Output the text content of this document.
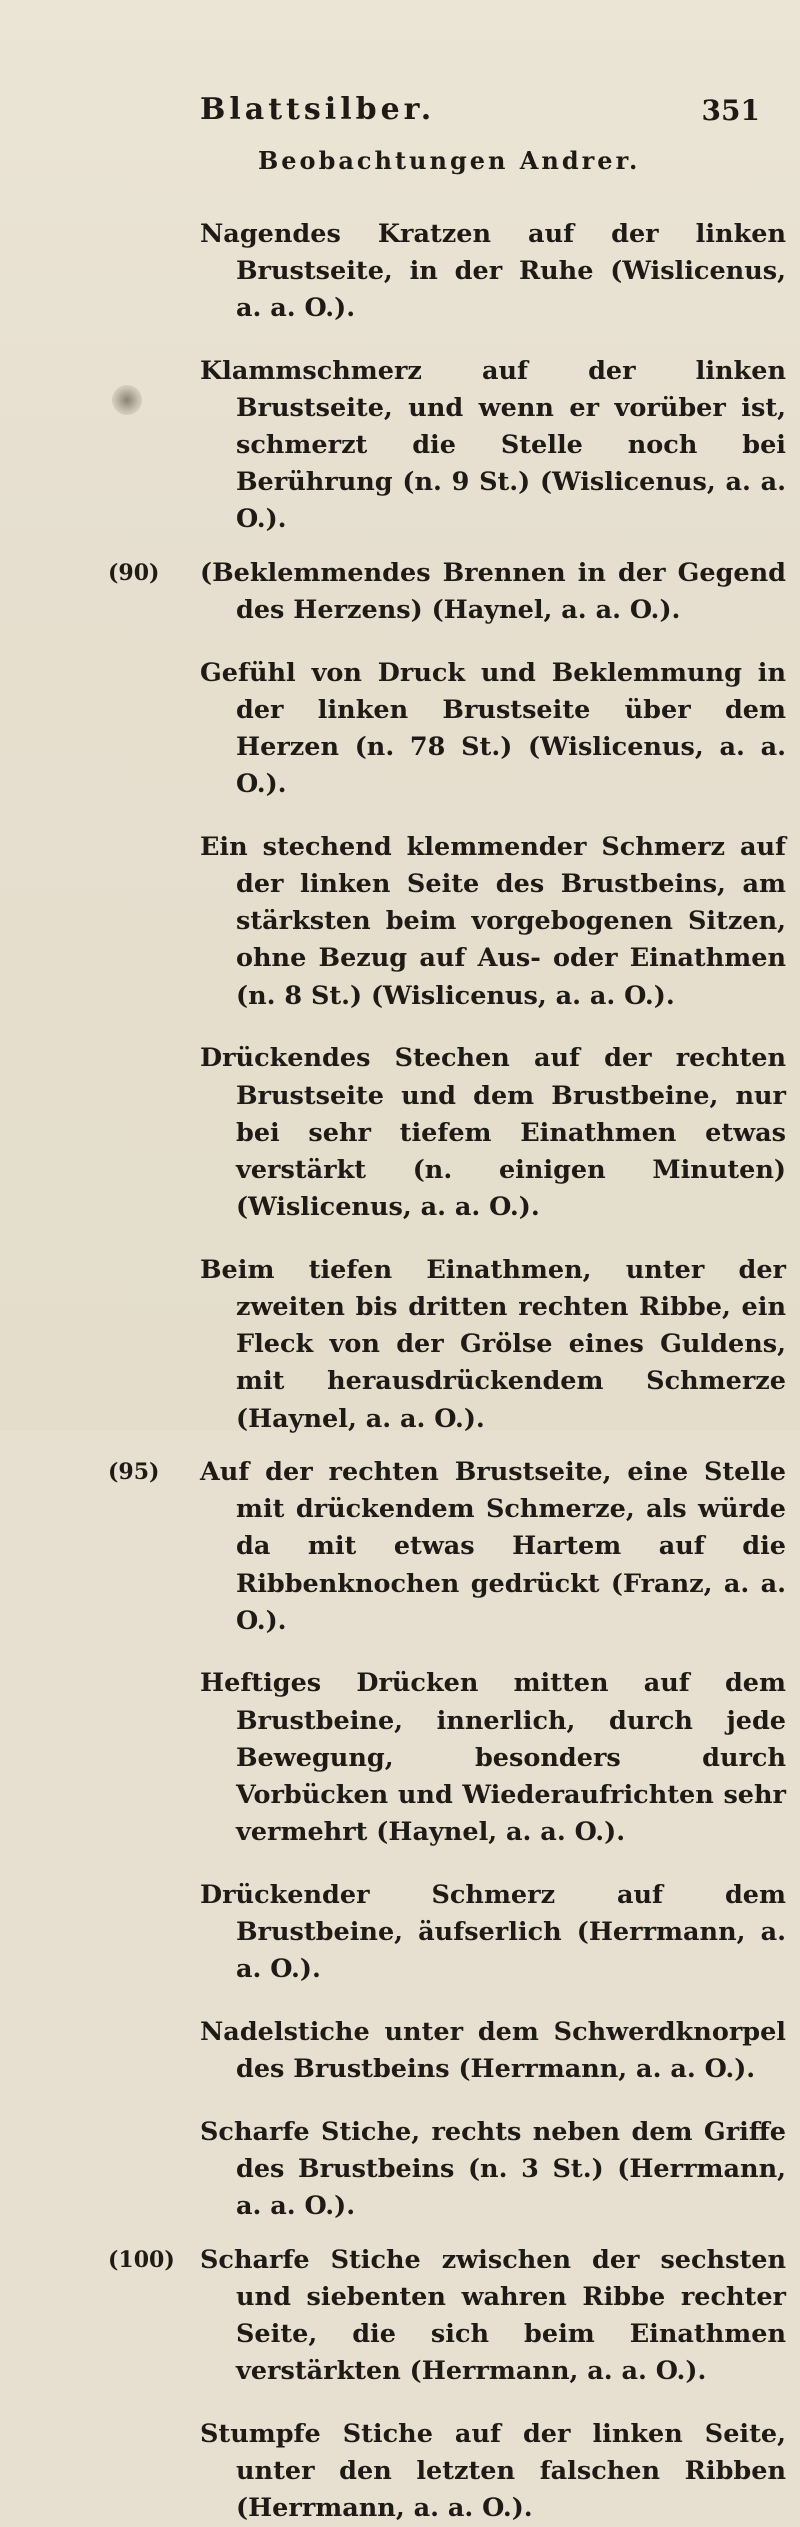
Blattsilber.	351
Beobachtungen Andrer.

Nagendes Kratzen auf der linken Brustseite, in der Ruhe (Wislicenus, a. a. O.).

Klammschmerz auf der linken Brustseite, und wenn er vorüber ist, schmerzt die Stelle noch bei Berührung (n. 9 St.) (Wislicenus, a. a. O.).

(90) (Beklemmendes Brennen in der Gegend des Herzens) (Haynel, a. a. O.).

Gefühl von Druck und Beklemmung in der linken Brustseite über dem Herzen (n. 78 St.) (Wislicenus, a. a. O.).

Ein stechend klemmender Schmerz auf der linken Seite des Brustbeins, am stärksten beim vorgebogenen Sitzen, ohne Bezug auf Aus- oder Einathmen (n. 8 St.) (Wislicenus, a. a. O.).

Drückendes Stechen auf der rechten Brustseite und dem Brustbeine, nur bei sehr tiefem Einathmen etwas verstärkt (n. einigen Minuten) (Wislicenus, a. a. O.).

Beim tiefen Einathmen, unter der zweiten bis dritten rechten Ribbe, ein Fleck von der Grölse eines Guldens, mit herausdrückendem Schmerze (Haynel, a. a. O.).

(95) Auf der rechten Brustseite, eine Stelle mit drückendem Schmerze, als würde da mit etwas Hartem auf die Ribbenknochen gedrückt (Franz, a. a. O.).

Heftiges Drücken mitten auf dem Brustbeine, innerlich, durch jede Bewegung, besonders durch Vorbücken und Wiederaufrichten sehr vermehrt (Haynel, a. a. O.).

Drückender Schmerz auf dem Brustbeine, äufserlich (Herrmann, a. a. O.).

Nadelstiche unter dem Schwerdknorpel des Brustbeins (Herrmann, a. a. O.).

Scharfe Stiche, rechts neben dem Griffe des Brustbeins (n. 3 St.) (Herrmann, a. a. O.).

(100) Scharfe Stiche zwischen der sechsten und siebenten wahren Ribbe rechter Seite, die sich beim Einathmen verstärkten (Herrmann, a. a. O.).

Stumpfe Stiche auf der linken Seite, unter den letzten falschen Ribben (Herrmann, a. a. O.).
